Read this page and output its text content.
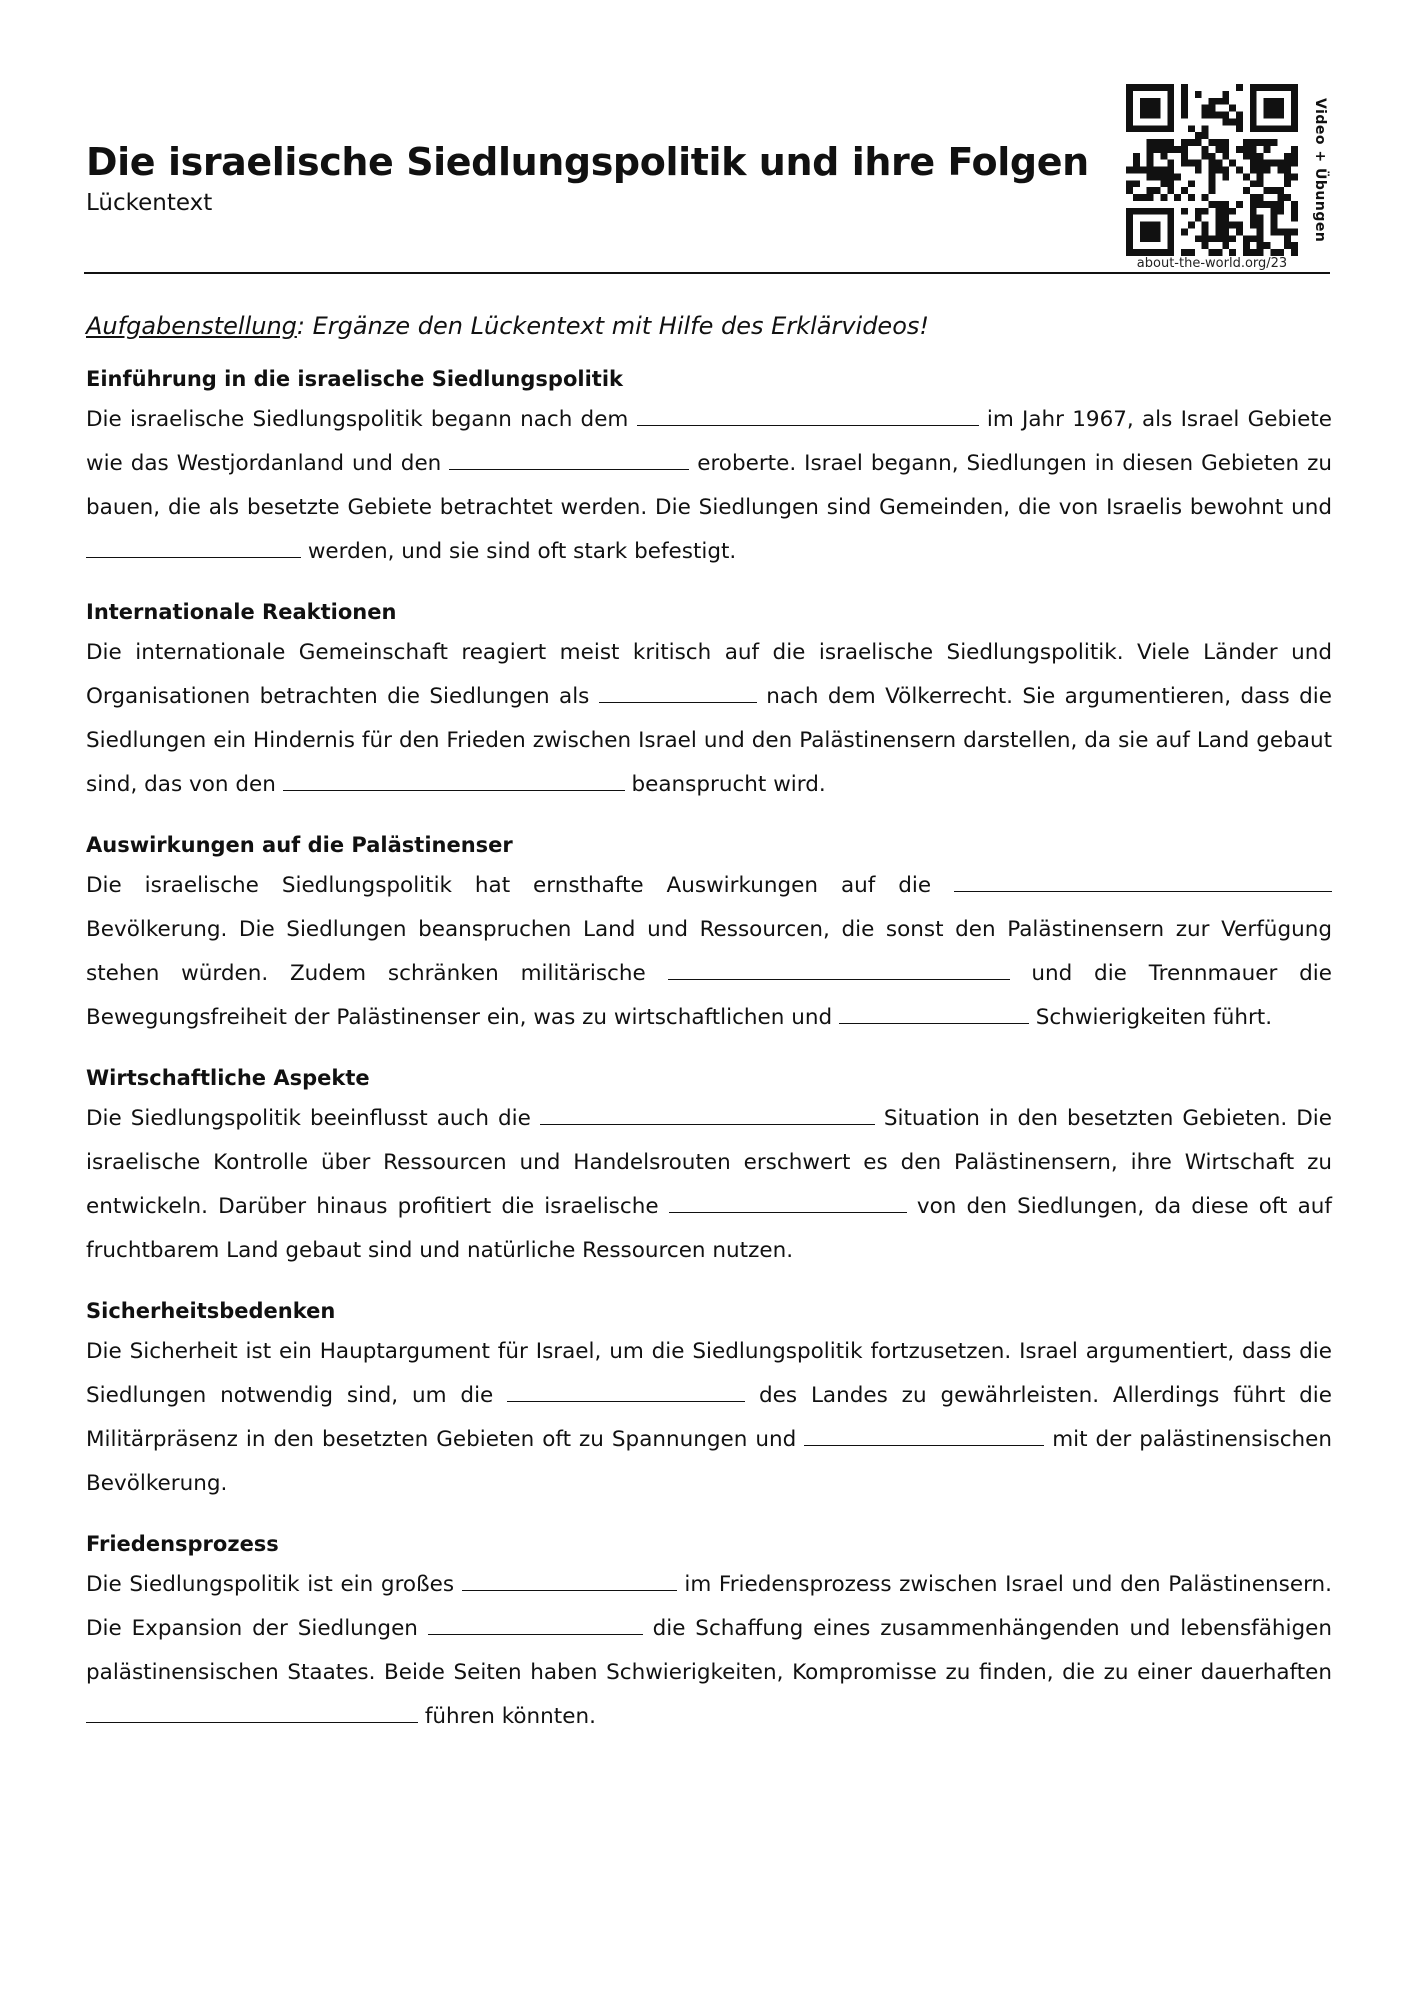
Die israelische Siedlungspolitik und ihre Folgen

Lückentext

about-the-world.org/23
Video + Übungen

Aufgabenstellung: Ergänze den Lückentext mit Hilfe des Erklärvideos!

Einführung in die israelische Siedlungspolitik

Die israelische Siedlungspolitik begann nach dem	im Jahr 1967, als Israel Gebiete wie das Westjordanland und den	eroberte. Israel begann, Siedlungen in diesen Gebieten zu bauen, die als besetzte Gebiete betrachtet werden. Die Siedlungen sind Gemeinden, die von Israelis bewohnt und  werden, und sie sind oft stark befestigt.

Internationale Reaktionen

Die internationale Gemeinschaft reagiert meist kritisch auf die israelische Siedlungspolitik. Viele Länder und Organisationen betrachten die Siedlungen als	nach dem Völkerrecht. Sie argumentieren, dass die Siedlungen ein Hindernis für den Frieden zwischen Israel und den Palästinensern darstellen, da sie auf Land gebaut sind, das von den	beansprucht wird.

Auswirkungen auf die Palästinenser

Die israelische Siedlungspolitik hat ernsthafte Auswirkungen auf die  Bevölkerung. Die Siedlungen beanspruchen Land und Ressourcen, die sonst den Palästinensern zur Verfügung stehen würden. Zudem schränken militärische	und die Trennmauer die Bewegungsfreiheit der Palästinenser ein, was zu wirtschaftlichen und	Schwierigkeiten führt.

Wirtschaftliche Aspekte

Die Siedlungspolitik beeinflusst auch die	Situation in den besetzten Gebieten. Die israelische Kontrolle über Ressourcen und Handelsrouten erschwert es den Palästinensern, ihre Wirtschaft zu entwickeln. Darüber hinaus profitiert die israelische	von den Siedlungen, da diese oft auf fruchtbarem Land gebaut sind und natürliche Ressourcen nutzen.

Sicherheitsbedenken

Die Sicherheit ist ein Hauptargument für Israel, um die Siedlungspolitik fortzusetzen. Israel argumentiert, dass die Siedlungen notwendig sind, um die	des Landes zu gewährleisten. Allerdings führt die Militärpräsenz in den besetzten Gebieten oft zu Spannungen und	mit der palästinensischen Bevölkerung.

Friedensprozess

Die Siedlungspolitik ist ein großes	im Friedensprozess zwischen Israel und den Palästinensern. Die Expansion der Siedlungen	die Schaffung eines zusammenhängenden und lebensfähigen palästinensischen Staates. Beide Seiten haben Schwierigkeiten, Kompromisse zu finden, die zu einer dauerhaften  führen könnten.
